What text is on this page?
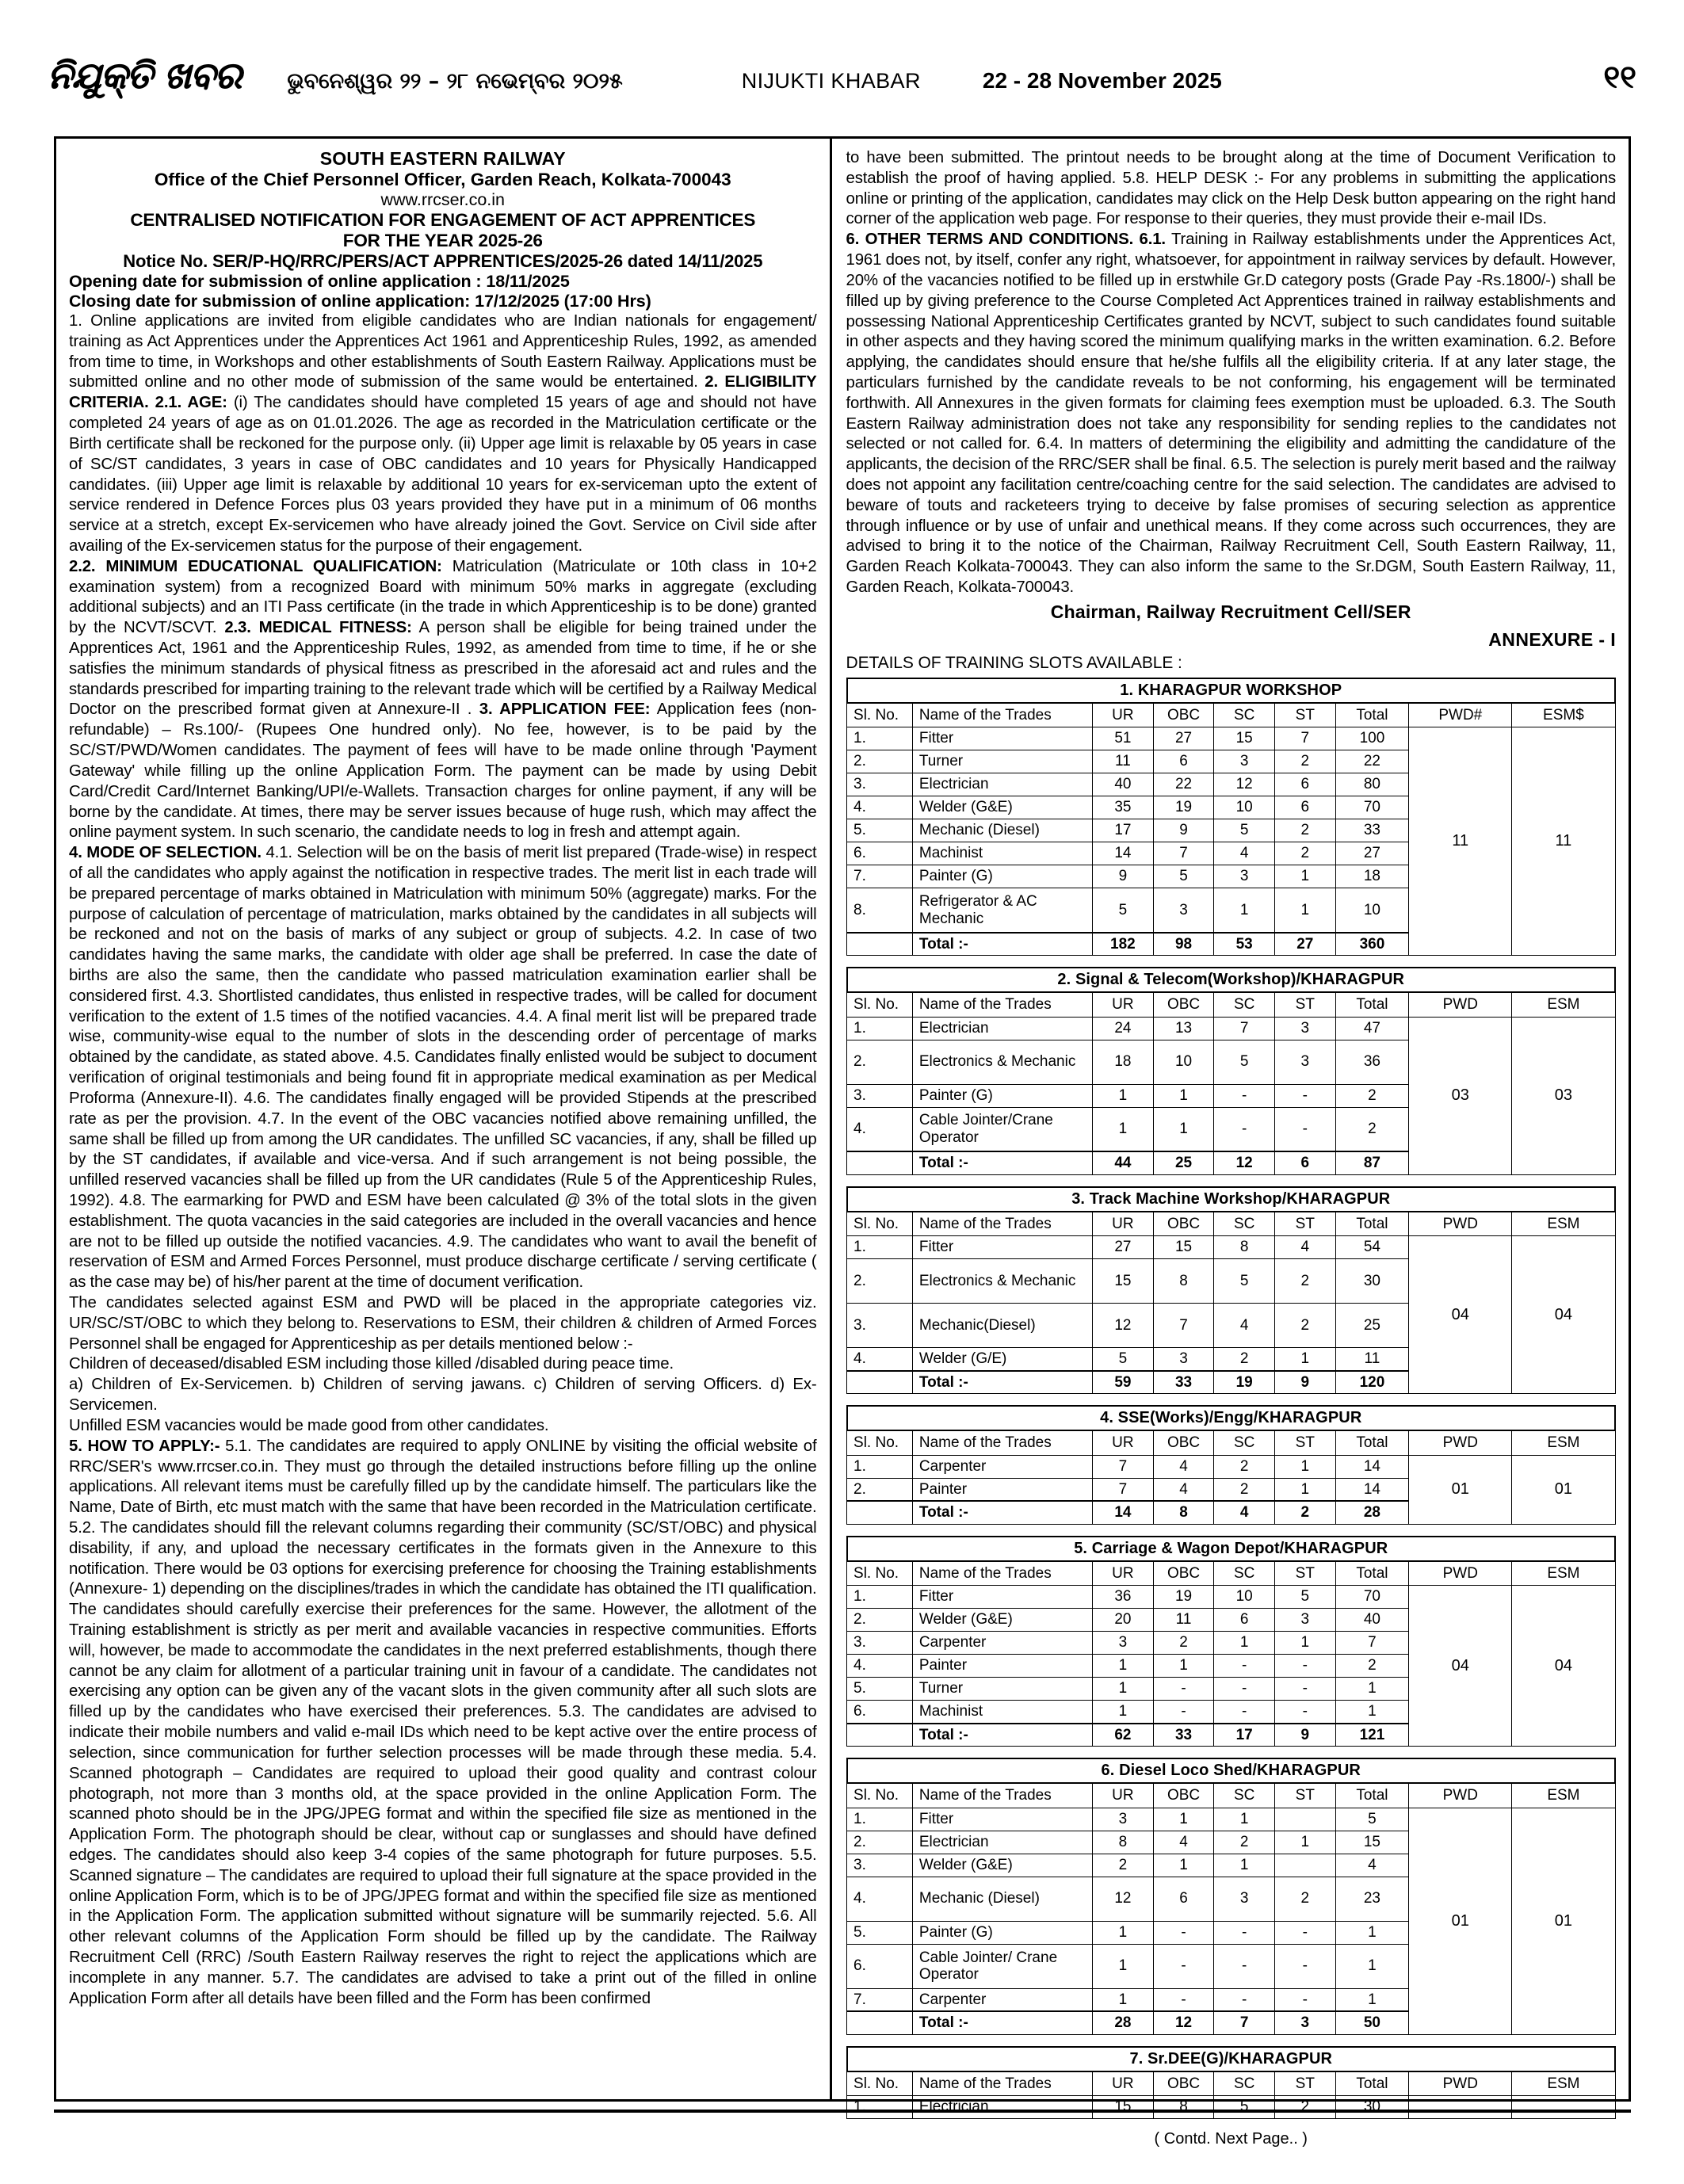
ନିଯୁକ୍ତି ଖବର ଭୁବନେଶ୍ୱର ୨୨ – ୨୮ ନଭେମ୍ବର ୨୦୨୫	NIJUKTI KHABAR	22 - 28 November 2025	୧୧
SOUTH EASTERN RAILWAY
Office of the Chief Personnel Officer, Garden Reach, Kolkata-700043
www.rrcser.co.in
CENTRALISED NOTIFICATION FOR ENGAGEMENT OF ACT APPRENTICES
FOR THE YEAR 2025-26
Notice No. SER/P-HQ/RRC/PERS/ACT APPRENTICES/2025-26 dated 14/11/2025
Opening date for submission of online application : 18/11/2025
Closing date for submission of online application: 17/12/2025 (17:00 Hrs)

1. Online applications are invited from eligible candidates who are Indian nationals for engagement/ training as Act Apprentices under the Apprentices Act 1961 and Apprenticeship Rules, 1992, as amended from time to time, in Workshops and other establishments of South Eastern Railway. Applications must be submitted online and no other mode of submission of the same would be entertained. 2. ELIGIBILITY CRITERIA. 2.1. AGE: (i) The candidates should have completed 15 years of age and should not have completed 24 years of age as on 01.01.2026. The age as recorded in the Matriculation certificate or the Birth certificate shall be reckoned for the purpose only. (ii) Upper age limit is relaxable by 05 years in case of SC/ST candidates, 3 years in case of OBC candidates and 10 years for Physically Handicapped candidates. (iii) Upper age limit is relaxable by additional 10 years for ex-serviceman upto the extent of service rendered in Defence Forces plus 03 years provided they have put in a minimum of 06 months service at a stretch, except Ex-servicemen who have already joined the Govt. Service on Civil side after availing of the Ex-servicemen status for the purpose of their engagement.

2.2. MINIMUM EDUCATIONAL QUALIFICATION: Matriculation (Matriculate or 10th class in 10+2 examination system) from a recognized Board with minimum 50% marks in aggregate (excluding additional subjects) and an ITI Pass certificate (in the trade in which Apprenticeship is to be done) granted by the NCVT/SCVT. 2.3. MEDICAL FITNESS: A person shall be eligible for being trained under the Apprentices Act, 1961 and the Apprenticeship Rules, 1992, as amended from time to time, if he or she satisfies the minimum standards of physical fitness as prescribed in the aforesaid act and rules and the standards prescribed for imparting training to the relevant trade which will be certified by a Railway Medical Doctor on the prescribed format given at Annexure-II . 3. APPLICATION FEE: Application fees (non-refundable) – Rs.100/- (Rupees One hundred only). No fee, however, is to be paid by the SC/ST/PWD/Women candidates. The payment of fees will have to be made online through 'Payment Gateway' while filling up the online Application Form. The payment can be made by using Debit Card/Credit Card/Internet Banking/UPI/e-Wallets. Transaction charges for online payment, if any will be borne by the candidate. At times, there may be server issues because of huge rush, which may affect the online payment system. In such scenario, the candidate needs to log in fresh and attempt again.

4. MODE OF SELECTION. 4.1. Selection will be on the basis of merit list prepared (Trade-wise) in respect of all the candidates who apply against the notification in respective trades. The merit list in each trade will be prepared percentage of marks obtained in Matriculation with minimum 50% (aggregate) marks. For the purpose of calculation of percentage of matriculation, marks obtained by the candidates in all subjects will be reckoned and not on the basis of marks of any subject or group of subjects. 4.2. In case of two candidates having the same marks, the candidate with older age shall be preferred. In case the date of births are also the same, then the candidate who passed matriculation examination earlier shall be considered first. 4.3. Shortlisted candidates, thus enlisted in respective trades, will be called for document verification to the extent of 1.5 times of the notified vacancies. 4.4. A final merit list will be prepared trade wise, community-wise equal to the number of slots in the descending order of percentage of marks obtained by the candidate, as stated above. 4.5. Candidates finally enlisted would be subject to document verification of original testimonials and being found fit in appropriate medical examination as per Medical Proforma (Annexure-II). 4.6. The candidates finally engaged will be provided Stipends at the prescribed rate as per the provision. 4.7. In the event of the OBC vacancies notified above remaining unfilled, the same shall be filled up from among the UR candidates. The unfilled SC vacancies, if any, shall be filled up by the ST candidates, if available and vice-versa. And if such arrangement is not being possible, the unfilled reserved vacancies shall be filled up from the UR candidates (Rule 5 of the Apprenticeship Rules, 1992). 4.8. The earmarking for PWD and ESM have been calculated @ 3% of the total slots in the given establishment. The quota vacancies in the said categories are included in the overall vacancies and hence are not to be filled up outside the notified vacancies. 4.9. The candidates who want to avail the benefit of reservation of ESM and Armed Forces Personnel, must produce discharge certificate / serving certificate ( as the case may be) of his/her parent at the time of document verification.

The candidates selected against ESM and PWD will be placed in the appropriate categories viz. UR/SC/ST/OBC to which they belong to. Reservations to ESM, their children & children of Armed Forces Personnel shall be engaged for Apprenticeship as per details mentioned below :-

Children of deceased/disabled ESM including those killed /disabled during peace time.

a) Children of Ex-Servicemen. b) Children of serving jawans. c) Children of serving Officers. d) Ex-Servicemen.

Unfilled ESM vacancies would be made good from other candidates.

5. HOW TO APPLY:- 5.1. The candidates are required to apply ONLINE by visiting the official website of RRC/SER's www.rrcser.co.in. They must go through the detailed instructions before filling up the online applications. All relevant items must be carefully filled up by the candidate himself. The particulars like the Name, Date of Birth, etc must match with the same that have been recorded in the Matriculation certificate. 5.2. The candidates should fill the relevant columns regarding their community (SC/ST/OBC) and physical disability, if any, and upload the necessary certificates in the formats given in the Annexure to this notification. There would be 03 options for exercising preference for choosing the Training establishments (Annexure- 1) depending on the disciplines/trades in which the candidate has obtained the ITI qualification. The candidates should carefully exercise their preferences for the same. However, the allotment of the Training establishment is strictly as per merit and available vacancies in respective communities. Efforts will, however, be made to accommodate the candidates in the next preferred establishments, though there cannot be any claim for allotment of a particular training unit in favour of a candidate. The candidates not exercising any option can be given any of the vacant slots in the given community after all such slots are filled up by the candidates who have exercised their preferences. 5.3. The candidates are advised to indicate their mobile numbers and valid e-mail IDs which need to be kept active over the entire process of selection, since communication for further selection processes will be made through these media. 5.4. Scanned photograph – Candidates are required to upload their good quality and contrast colour photograph, not more than 3 months old, at the space provided in the online Application Form. The scanned photo should be in the JPG/JPEG format and within the specified file size as mentioned in the Application Form. The photograph should be clear, without cap or sunglasses and should have defined edges. The candidates should also keep 3-4 copies of the same photograph for future purposes. 5.5. Scanned signature – The candidates are required to upload their full signature at the space provided in the online Application Form, which is to be of JPG/JPEG format and within the specified file size as mentioned in the Application Form. The application submitted without signature will be summarily rejected. 5.6. All other relevant columns of the Application Form should be filled up by the candidate. The Railway Recruitment Cell (RRC) /South Eastern Railway reserves the right to reject the applications which are incomplete in any manner. 5.7. The candidates are advised to take a print out of the filled in online Application Form after all details have been filled and the Form has been confirmed

to have been submitted. The printout needs to be brought along at the time of Document Verification to establish the proof of having applied. 5.8. HELP DESK :- For any problems in submitting the applications online or printing of the application, candidates may click on the Help Desk button appearing on the right hand corner of the application web page. For response to their queries, they must provide their e-mail IDs.

6. OTHER TERMS AND CONDITIONS. 6.1. Training in Railway establishments under the Apprentices Act, 1961 does not, by itself, confer any right, whatsoever, for appointment in railway services by default. However, 20% of the vacancies notified to be filled up in erstwhile Gr.D category posts (Grade Pay -Rs.1800/-) shall be filled up by giving preference to the Course Completed Act Apprentices trained in railway establishments and possessing National Apprenticeship Certificates granted by NCVT, subject to such candidates found suitable in other aspects and they having scored the minimum qualifying marks in the written examination. 6.2. Before applying, the candidates should ensure that he/she fulfils all the eligibility criteria. If at any later stage, the particulars furnished by the candidate reveals to be not conforming, his engagement will be terminated forthwith. All Annexures in the given formats for claiming fees exemption must be uploaded. 6.3. The South Eastern Railway administration does not take any responsibility for sending replies to the candidates not selected or not called for. 6.4. In matters of determining the eligibility and admitting the candidature of the applicants, the decision of the RRC/SER shall be final. 6.5. The selection is purely merit based and the railway does not appoint any facilitation centre/coaching centre for the said selection. The candidates are advised to beware of touts and racketeers trying to deceive by false promises of securing selection as apprentice through influence or by use of unfair and unethical means. If they come across such occurrences, they are advised to bring it to the notice of the Chairman, Railway Recruitment Cell, South Eastern Railway, 11, Garden Reach Kolkata-700043. They can also inform the same to the Sr.DGM, South Eastern Railway, 11, Garden Reach, Kolkata-700043.

Chairman, Railway Recruitment Cell/SER
ANNEXURE - I
DETAILS OF TRAINING SLOTS AVAILABLE :
1. KHARAGPUR WORKSHOP								
Sl. No.	Name of the Trades	UR	OBC	SC	ST	Total	PWD#	ESM$
1.	Fitter	51	27	15	7	100	11	11
2.	Turner	11	6	3	2	22		
3.	Electrician	40	22	12	6	80		
4.	Welder (G&E)	35	19	10	6	70		
5.	Mechanic (Diesel)	17	9	5	2	33		
6.	Machinist	14	7	4	2	27		
7.	Painter (G)	9	5	3	1	18		
8.	Refrigerator & AC Mechanic	5	3	1	1	10		
	Total :-	182	98	53	27	360		
2. Signal & Telecom(Workshop)/KHARAGPUR								
Sl. No.	Name of the Trades	UR	OBC	SC	ST	Total	PWD	ESM
1.	Electrician	24	13	7	3	47	03	03
2.	Electronics & Mechanic	18	10	5	3	36		
3.	Painter (G)	1	1	-	-	2		
4.	Cable Jointer/Crane Operator	1	1	-	-	2		
	Total :-	44	25	12	6	87		
3. Track Machine Workshop/KHARAGPUR								
Sl. No.	Name of the Trades	UR	OBC	SC	ST	Total	PWD	ESM
1.	Fitter	27	15	8	4	54	04	04
2.	Electronics & Mechanic	15	8	5	2	30		
3.	Mechanic(Diesel)	12	7	4	2	25		
4.	Welder (G/E)	5	3	2	1	11		
	Total :-	59	33	19	9	120		
4. SSE(Works)/Engg/KHARAGPUR								
Sl. No.	Name of the Trades	UR	OBC	SC	ST	Total	PWD	ESM
1.	Carpenter	7	4	2	1	14	01	01
2.	Painter	7	4	2	1	14		
	Total :-	14	8	4	2	28		
5. Carriage & Wagon Depot/KHARAGPUR								
Sl. No.	Name of the Trades	UR	OBC	SC	ST	Total	PWD	ESM
1.	Fitter	36	19	10	5	70	04	04
2.	Welder (G&E)	20	11	6	3	40		
3.	Carpenter	3	2	1	1	7		
4.	Painter	1	1	-	-	2		
5.	Turner	1	-	-	-	1		
6.	Machinist	1	-	-	-	1		
	Total :-	62	33	17	9	121		
6. Diesel Loco Shed/KHARAGPUR								
Sl. No.	Name of the Trades	UR	OBC	SC	ST	Total	PWD	ESM
1.	Fitter	3	1	1		5	01	01
2.	Electrician	8	4	2	1	15		
3.	Welder (G&E)	2	1	1		4		
4.	Mechanic (Diesel)	12	6	3	2	23		
5.	Painter (G)	1	-	-	-	1		
6.	Cable Jointer/ Crane Operator	1	-	-	-	1		
7.	Carpenter	1	-	-	-	1		
	Total :-	28	12	7	3	50		
7. Sr.DEE(G)/KHARAGPUR								
Sl. No.	Name of the Trades	UR	OBC	SC	ST	Total	PWD	ESM
1.	Electrician	15	8	5	2	30		
( Contd. Next Page.. )
